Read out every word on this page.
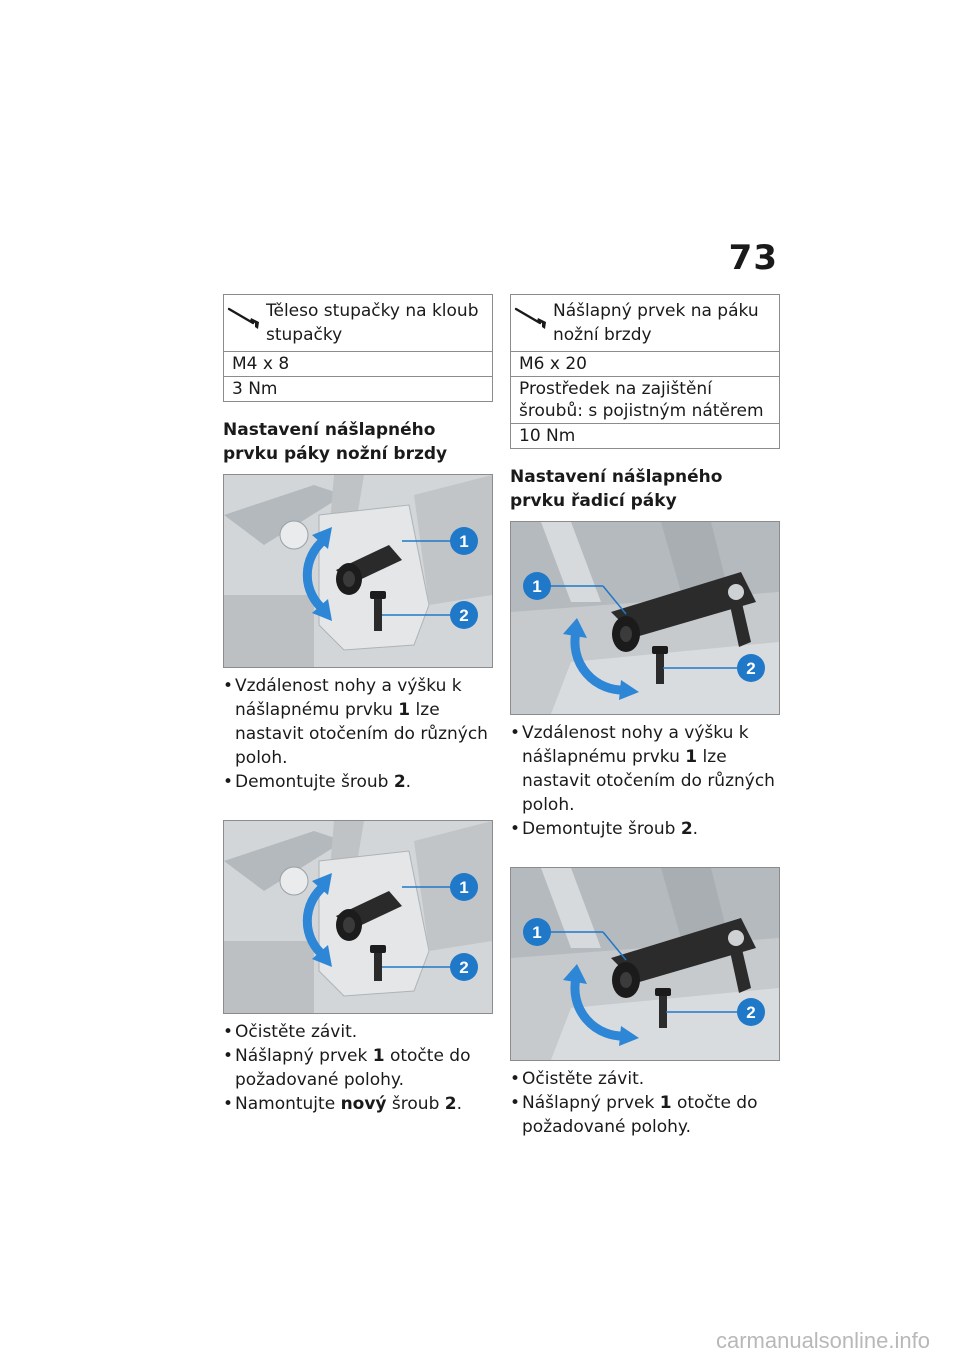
73
Těleso stupačky na kloub stupačky
M4 x 8
3 Nm
Nastavení nášlapného prvku páky nožní brzdy
1
2
• Vzdálenost nohy a výšku k nášlapnému prvku 1 lze nastavit otočením do různých poloh.
• Demontujte šroub 2.
1
2
• Očistěte závit.
• Nášlapný prvek 1 otočte do požadované polohy.
• Namontujte nový šroub 2.
Nášlapný prvek na páku nožní brzdy
M6 x 20
Prostředek na zajištění šroubů: s pojistným nátěrem
10 Nm
Nastavení nášlapného prvku řadicí páky
1
2
• Vzdálenost nohy a výšku k nášlapnému prvku 1 lze nastavit otočením do různých poloh.
• Demontujte šroub 2.
1
2
• Očistěte závit.
• Nášlapný prvek 1 otočte do požadované polohy.
carmanualsonline.info
